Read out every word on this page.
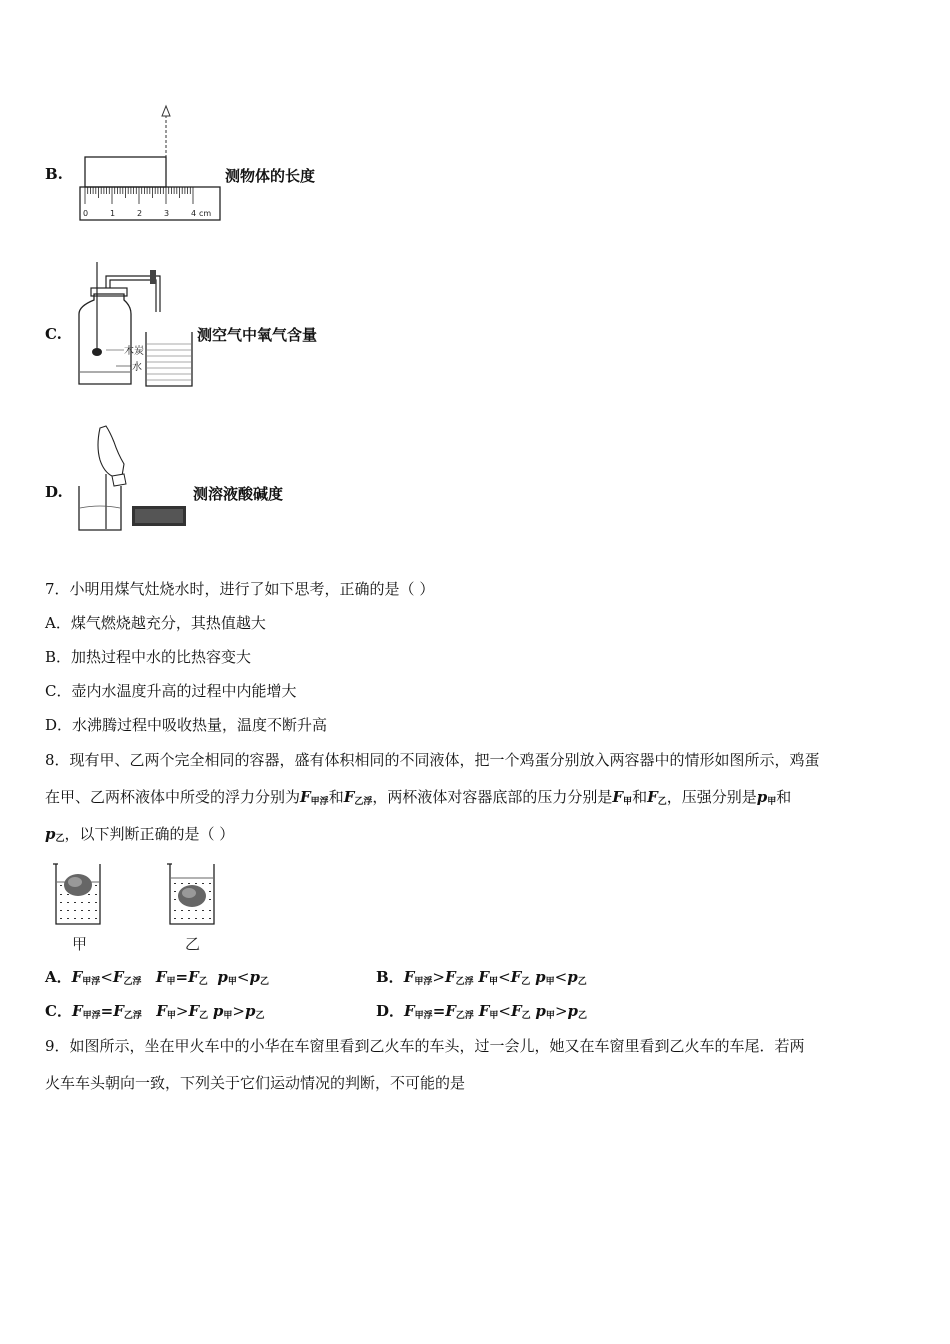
B.
0	1	2	3	4 cm
测物体的长度
C.
木炭
水
测空气中氧气含量
D.	测溶液酸碱度
7．小明用煤气灶烧水时，进行了如下思考，正确的是（ ）
A．煤气燃烧越充分，其热值越大
B．加热过程中水的比热容变大
C．壶内水温度升高的过程中内能增大
D．水沸腾过程中吸收热量，温度不断升高
8．现有甲、乙两个完全相同的容器，盛有体积相同的不同液体，把一个鸡蛋分别放入两容器中的情形如图所示，鸡蛋
在甲、乙两杯液体中所受的浮力分别为$F_{甲浮}$和$F_{乙浮}$，两杯液体对容器底部的压力分别是$F_甲$和$F_乙$，压强分别是$p_甲$和
$p_乙$，以下判断正确的是（ ）
甲	乙
A．$F_{甲浮}<F_{乙浮}$ $F_甲=F_乙$ $p_甲<p_乙$	B．$F_{甲浮}>F_{乙浮}$ $F_甲<F_乙$ $p_甲<p_乙$
C．$F_{甲浮}=F_{乙浮}$ $F_甲>F_乙$ $p_甲>p_乙$	D．$F_{甲浮}=F_{乙浮}$ $F_甲<F_乙$ $p_甲>p_乙$
9．如图所示，坐在甲火车中的小华在车窗里看到乙火车的车头，过一会儿，她又在车窗里看到乙火车的车尾．若两
火车车头朝向一致，下列关于它们运动情况的判断，不可能的是
